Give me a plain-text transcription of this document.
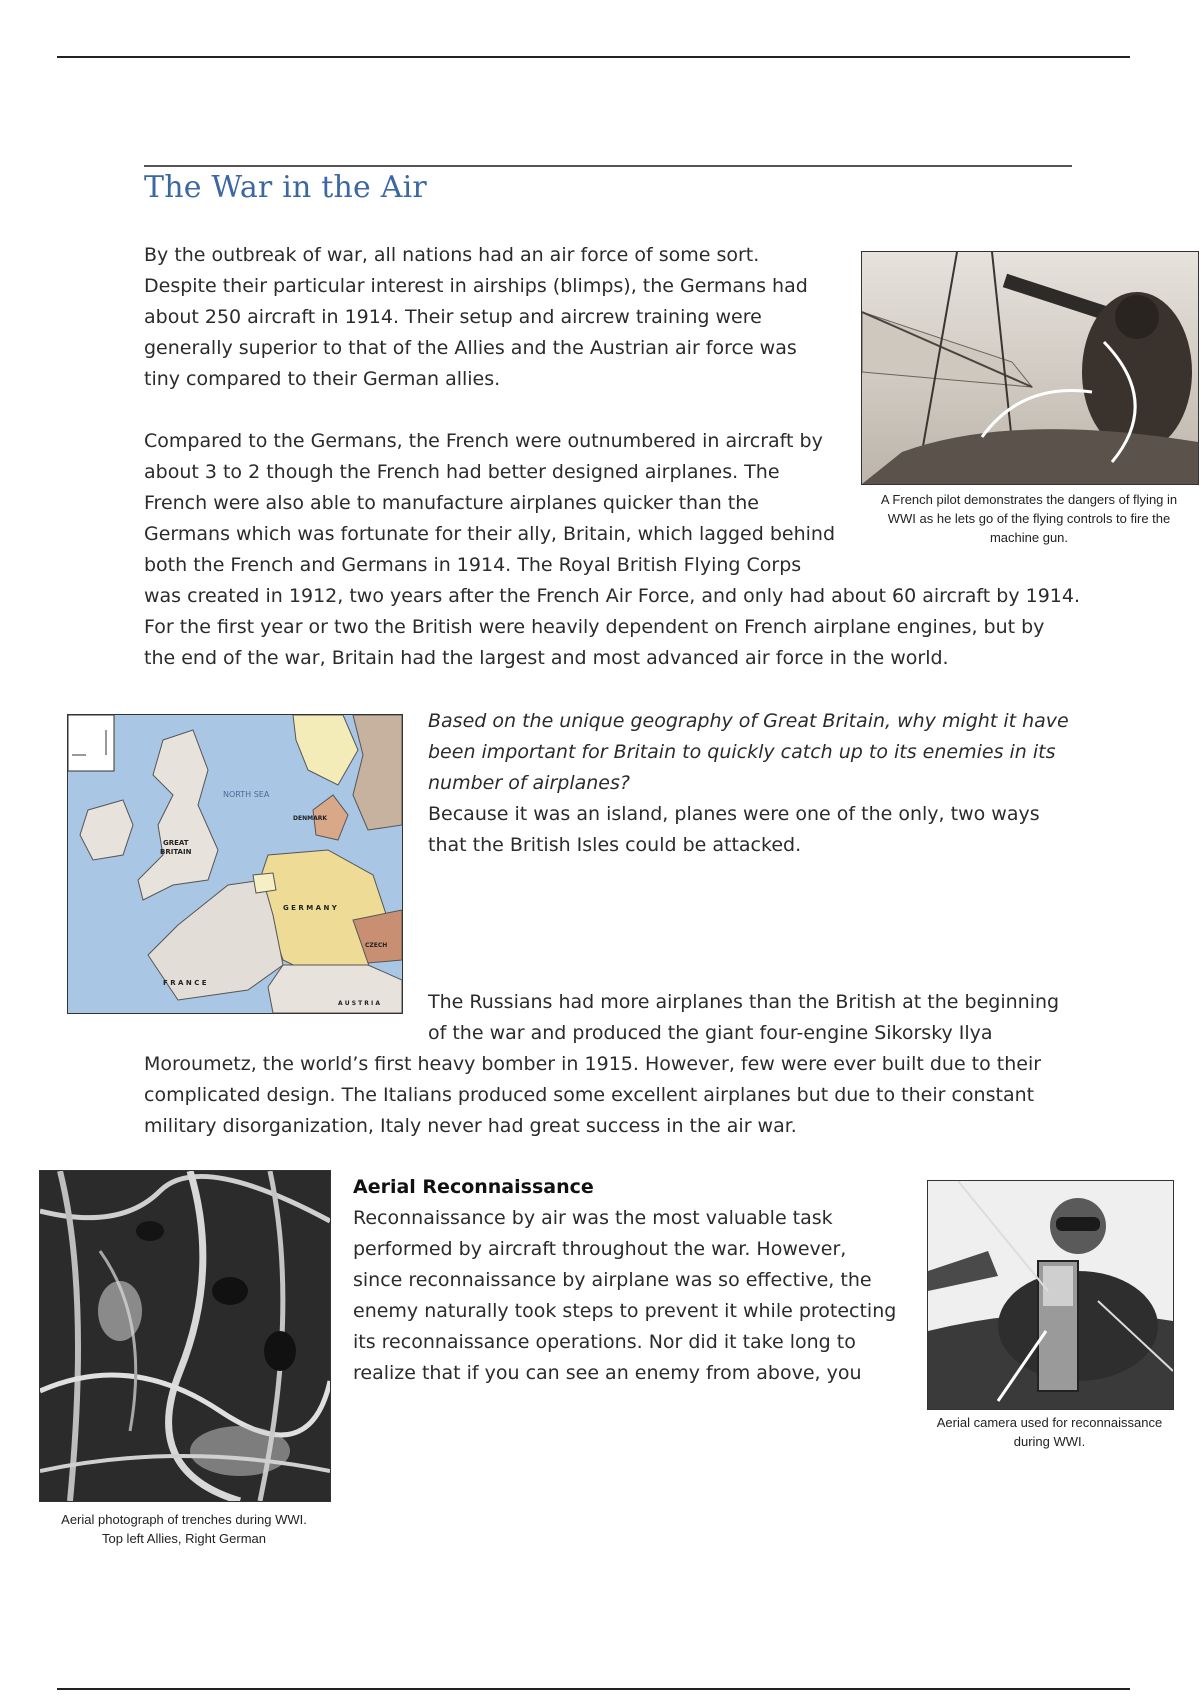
The War in the Air

By the outbreak of war, all nations had an air force of some sort.
Despite their particular interest in airships (blimps), the Germans had
about 250 aircraft in 1914. Their setup and aircrew training were
generally superior to that of the Allies and the Austrian air force was
tiny compared to their German allies.

A French pilot demonstrates the dangers of flying in
WWI as he lets go of the flying controls to fire the
machine gun.

Compared to the Germans, the French were outnumbered in aircraft by
about 3 to 2 though the French had better designed airplanes. The
French were also able to manufacture airplanes quicker than the
Germans which was fortunate for their ally, Britain, which lagged behind
both the French and Germans in 1914. The Royal British Flying Corps
was created in 1912, two years after the French Air Force, and only had about 60 aircraft by 1914.
For the first year or two the British were heavily dependent on French airplane engines, but by
the end of the war, Britain had the largest and most advanced air force in the world.

NORTH SEA
GREAT
BRITAIN
DENMARK
G E R M A N Y
F R A N C E
A U S T R I A
CZECH

Based on the unique geography of Great Britain, why might it have
been important for Britain to quickly catch up to its enemies in its
number of airplanes?

Because it was an island, planes were one of the only, two ways
that the British Isles could be attacked.

The Russians had more airplanes than the British at the beginning
of the war and produced the giant four-engine Sikorsky Ilya

Moroumetz, the world’s first heavy bomber in 1915. However, few were ever built due to their
complicated design. The Italians produced some excellent airplanes but due to their constant
military disorganization, Italy never had great success in the air war.

Aerial photograph of trenches during WWI.
Top left Allies, Right German

Aerial Reconnaissance

Reconnaissance by air was the most valuable task
performed by aircraft throughout the war. However,
since reconnaissance by airplane was so effective, the
enemy naturally took steps to prevent it while protecting
its reconnaissance operations. Nor did it take long to
realize that if you can see an enemy from above, you

Aerial camera used for reconnaissance
during WWI.
